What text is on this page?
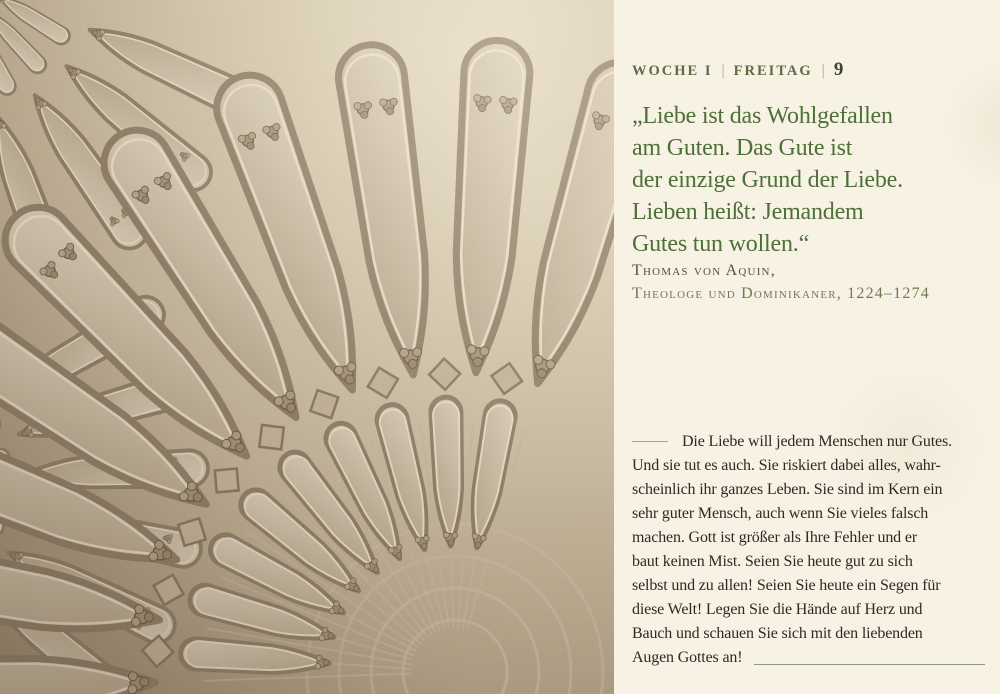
WOCHE I | FREITAG | 9
„Liebe ist das Wohlgefallen
am Guten. Das Gute ist
der einzige Grund der Liebe.
Lieben heißt: Jemandem
Gutes tun wollen.“
Thomas von Aquin,
Theologe und Dominikaner, 1224–1274
Die Liebe will jedem Menschen nur Gutes.
Und sie tut es auch. Sie riskiert dabei alles, wahr-
scheinlich ihr ganzes Leben. Sie sind im Kern ein
sehr guter Mensch, auch wenn Sie vieles falsch
machen. Gott ist größer als Ihre Fehler und er
baut keinen Mist. Seien Sie heute gut zu sich
selbst und zu allen! Seien Sie heute ein Segen für
diese Welt! Legen Sie die Hände auf Herz und
Bauch und schauen Sie sich mit den liebenden
Augen Gottes an!
